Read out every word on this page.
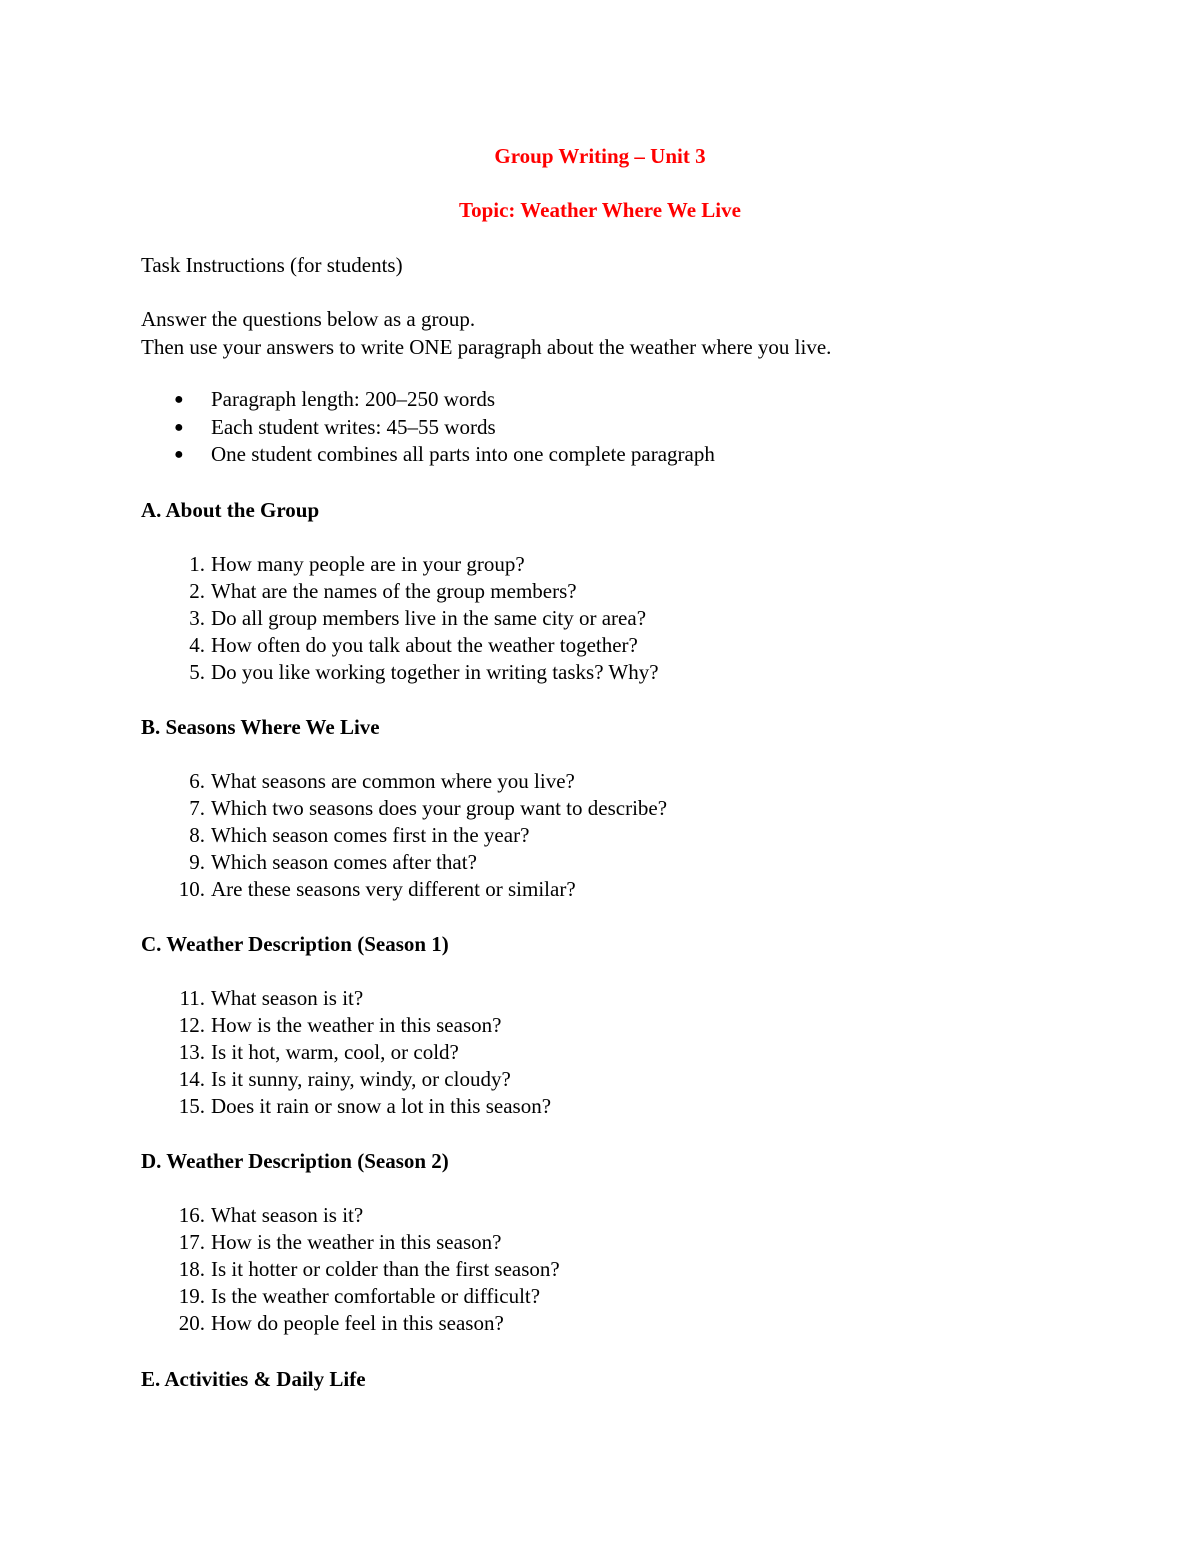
Group Writing – Unit 3
Topic: Weather Where We Live
Task Instructions (for students)
Answer the questions below as a group.
Then use your answers to write ONE paragraph about the weather where you live.
●	Paragraph length: 200–250 words
●	Each student writes: 45–55 words
●	One student combines all parts into one complete paragraph
A. About the Group
1. How many people are in your group?
2. What are the names of the group members?
3. Do all group members live in the same city or area?
4. How often do you talk about the weather together?
5. Do you like working together in writing tasks? Why?
B. Seasons Where We Live
6. What seasons are common where you live?
7. Which two seasons does your group want to describe?
8. Which season comes first in the year?
9. Which season comes after that?
10. Are these seasons very different or similar?
C. Weather Description (Season 1)
11. What season is it?
12. How is the weather in this season?
13. Is it hot, warm, cool, or cold?
14. Is it sunny, rainy, windy, or cloudy?
15. Does it rain or snow a lot in this season?
D. Weather Description (Season 2)
16. What season is it?
17. How is the weather in this season?
18. Is it hotter or colder than the first season?
19. Is the weather comfortable or difficult?
20. How do people feel in this season?
E. Activities & Daily Life
